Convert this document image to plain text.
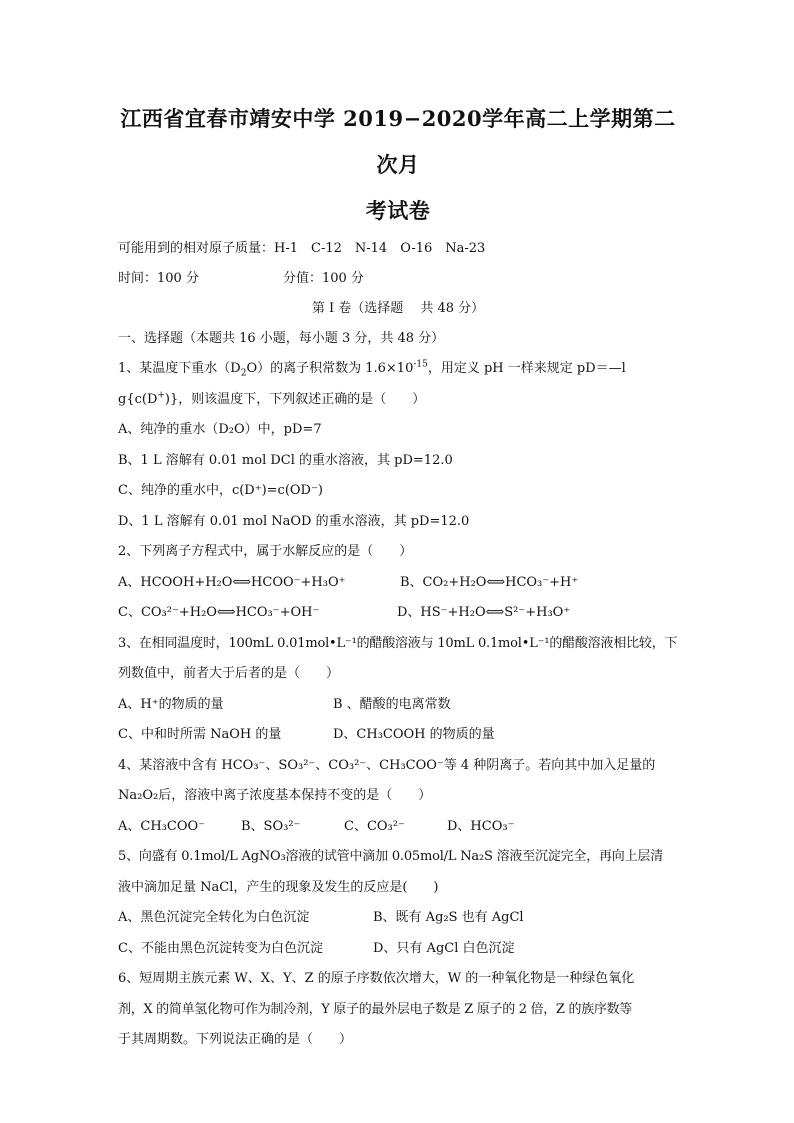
江西省宜春市靖安中学 2019−2020学年高二上学期第二次月
考试卷

可能用到的相对原子质量：H-1　C-12　N-14　O-16　Na-23

时间：100 分	分值：100 分

第 I 卷（选择题　 共 48 分）

一、选择题（本题共 16 小题，每小题 3 分，共 48 分）

1、某温度下重水$(D_2O)$的离子积常数为 $1.6\times 10^{-15}$，用定义 pH 一样来规定 pD＝—l
g{c(D+)}，则该温度下，下列叙述正确的是（　　）

A、纯净的重水（D₂O）中，pD=7

B、1 L 溶解有 0.01 mol DCl 的重水溶液，其 pD=12.0

C、纯净的重水中，c(D⁺)=c(OD⁻)

D、1 L 溶解有 0.01 mol NaOD 的重水溶液，其 pD=12.0

2、下列离子方程式中，属于水解反应的是（　　）

A、HCOOH+H₂O⟺HCOO⁻+H₃O⁺

	B、CO₂+H₂O⟺HCO₃⁻+H⁺

C、CO₃²⁻+H₂O⟺HCO₃⁻+OH⁻

	D、HS⁻+H₂O⟺S²⁻+H₃O⁺

3、在相同温度时，100mL 0.01mol•L⁻¹的醋酸溶液与 10mL 0.1mol•L⁻¹的醋酸溶液相比较，下

列数值中，前者大于后者的是（　　）

A、H⁺的物质的量

	B 、醋酸的电离常数

C、中和时所需 NaOH 的量

	D、CH₃COOH 的物质的量

4、某溶液中含有 HCO₃⁻、SO₃²⁻、CO₃²⁻、CH₃COO⁻等 4 种阴离子。若向其中加入足量的

Na₂O₂后，溶液中离子浓度基本保持不变的是（　　）

A、CH₃COO⁻

	B、SO₃²⁻

	C、CO₃²⁻

	D、HCO₃⁻

5、向盛有 0.1mol/L AgNO₃溶液的试管中滴加 0.05mol/L Na₂S 溶液至沉淀完全，再向上层清

液中滴加足量 NaCl，产生的现象及发生的反应是(　　)

A、黑色沉淀完全转化为白色沉淀

	B、既有 Ag₂S 也有 AgCl

C、不能由黑色沉淀转变为白色沉淀

	D、只有 AgCl 白色沉淀

6、短周期主族元素 W、X、Y、Z 的原子序数依次增大，W 的一种氧化物是一种绿色氧化

剂，X 的简单氢化物可作为制冷剂，Y 原子的最外层电子数是 Z 原子的 2 倍，Z 的族序数等

于其周期数。下列说法正确的是（　　）
